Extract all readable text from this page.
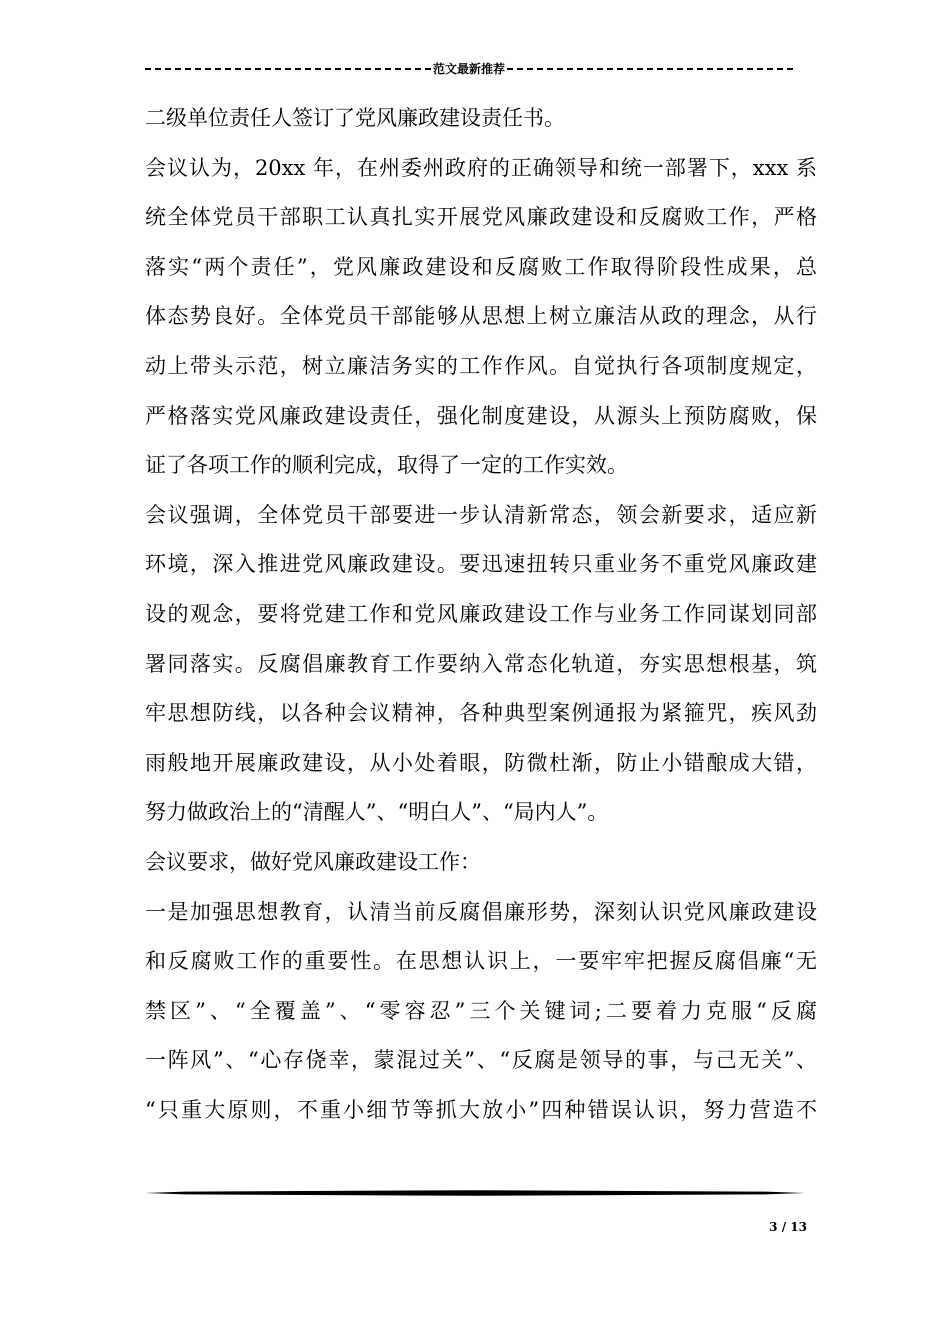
范文最新推荐
二级单位责任人签订了党风廉政建设责任书。
会议认为，20xx 年，在州委州政府的正确领导和统一部署下，xxx 系
统全体党员干部职工认真扎实开展党风廉政建设和反腐败工作，严格
落实“两个责任”，党风廉政建设和反腐败工作取得阶段性成果，总
体态势良好。全体党员干部能够从思想上树立廉洁从政的理念，从行
动上带头示范，树立廉洁务实的工作作风。自觉执行各项制度规定，
严格落实党风廉政建设责任，强化制度建设，从源头上预防腐败，保
证了各项工作的顺利完成，取得了一定的工作实效。
会议强调，全体党员干部要进一步认清新常态，领会新要求，适应新
环境，深入推进党风廉政建设。要迅速扭转只重业务不重党风廉政建
设的观念，要将党建工作和党风廉政建设工作与业务工作同谋划同部
署同落实。反腐倡廉教育工作要纳入常态化轨道，夯实思想根基，筑
牢思想防线，以各种会议精神，各种典型案例通报为紧箍咒，疾风劲
雨般地开展廉政建设，从小处着眼，防微杜渐，防止小错酿成大错，
努力做政治上的“清醒人”、“明白人”、“局内人”。
会议要求，做好党风廉政建设工作：
一是加强思想教育，认清当前反腐倡廉形势，深刻认识党风廉政建设
和反腐败工作的重要性。在思想认识上，一要牢牢把握反腐倡廉“无
禁区”、“全覆盖”、“零容忍”三个关键词;二要着力克服“反腐
一阵风”、“心存侥幸，蒙混过关”、“反腐是领导的事，与己无关”、
“只重大原则，不重小细节等抓大放小”四种错误认识，努力营造不
3 / 13
